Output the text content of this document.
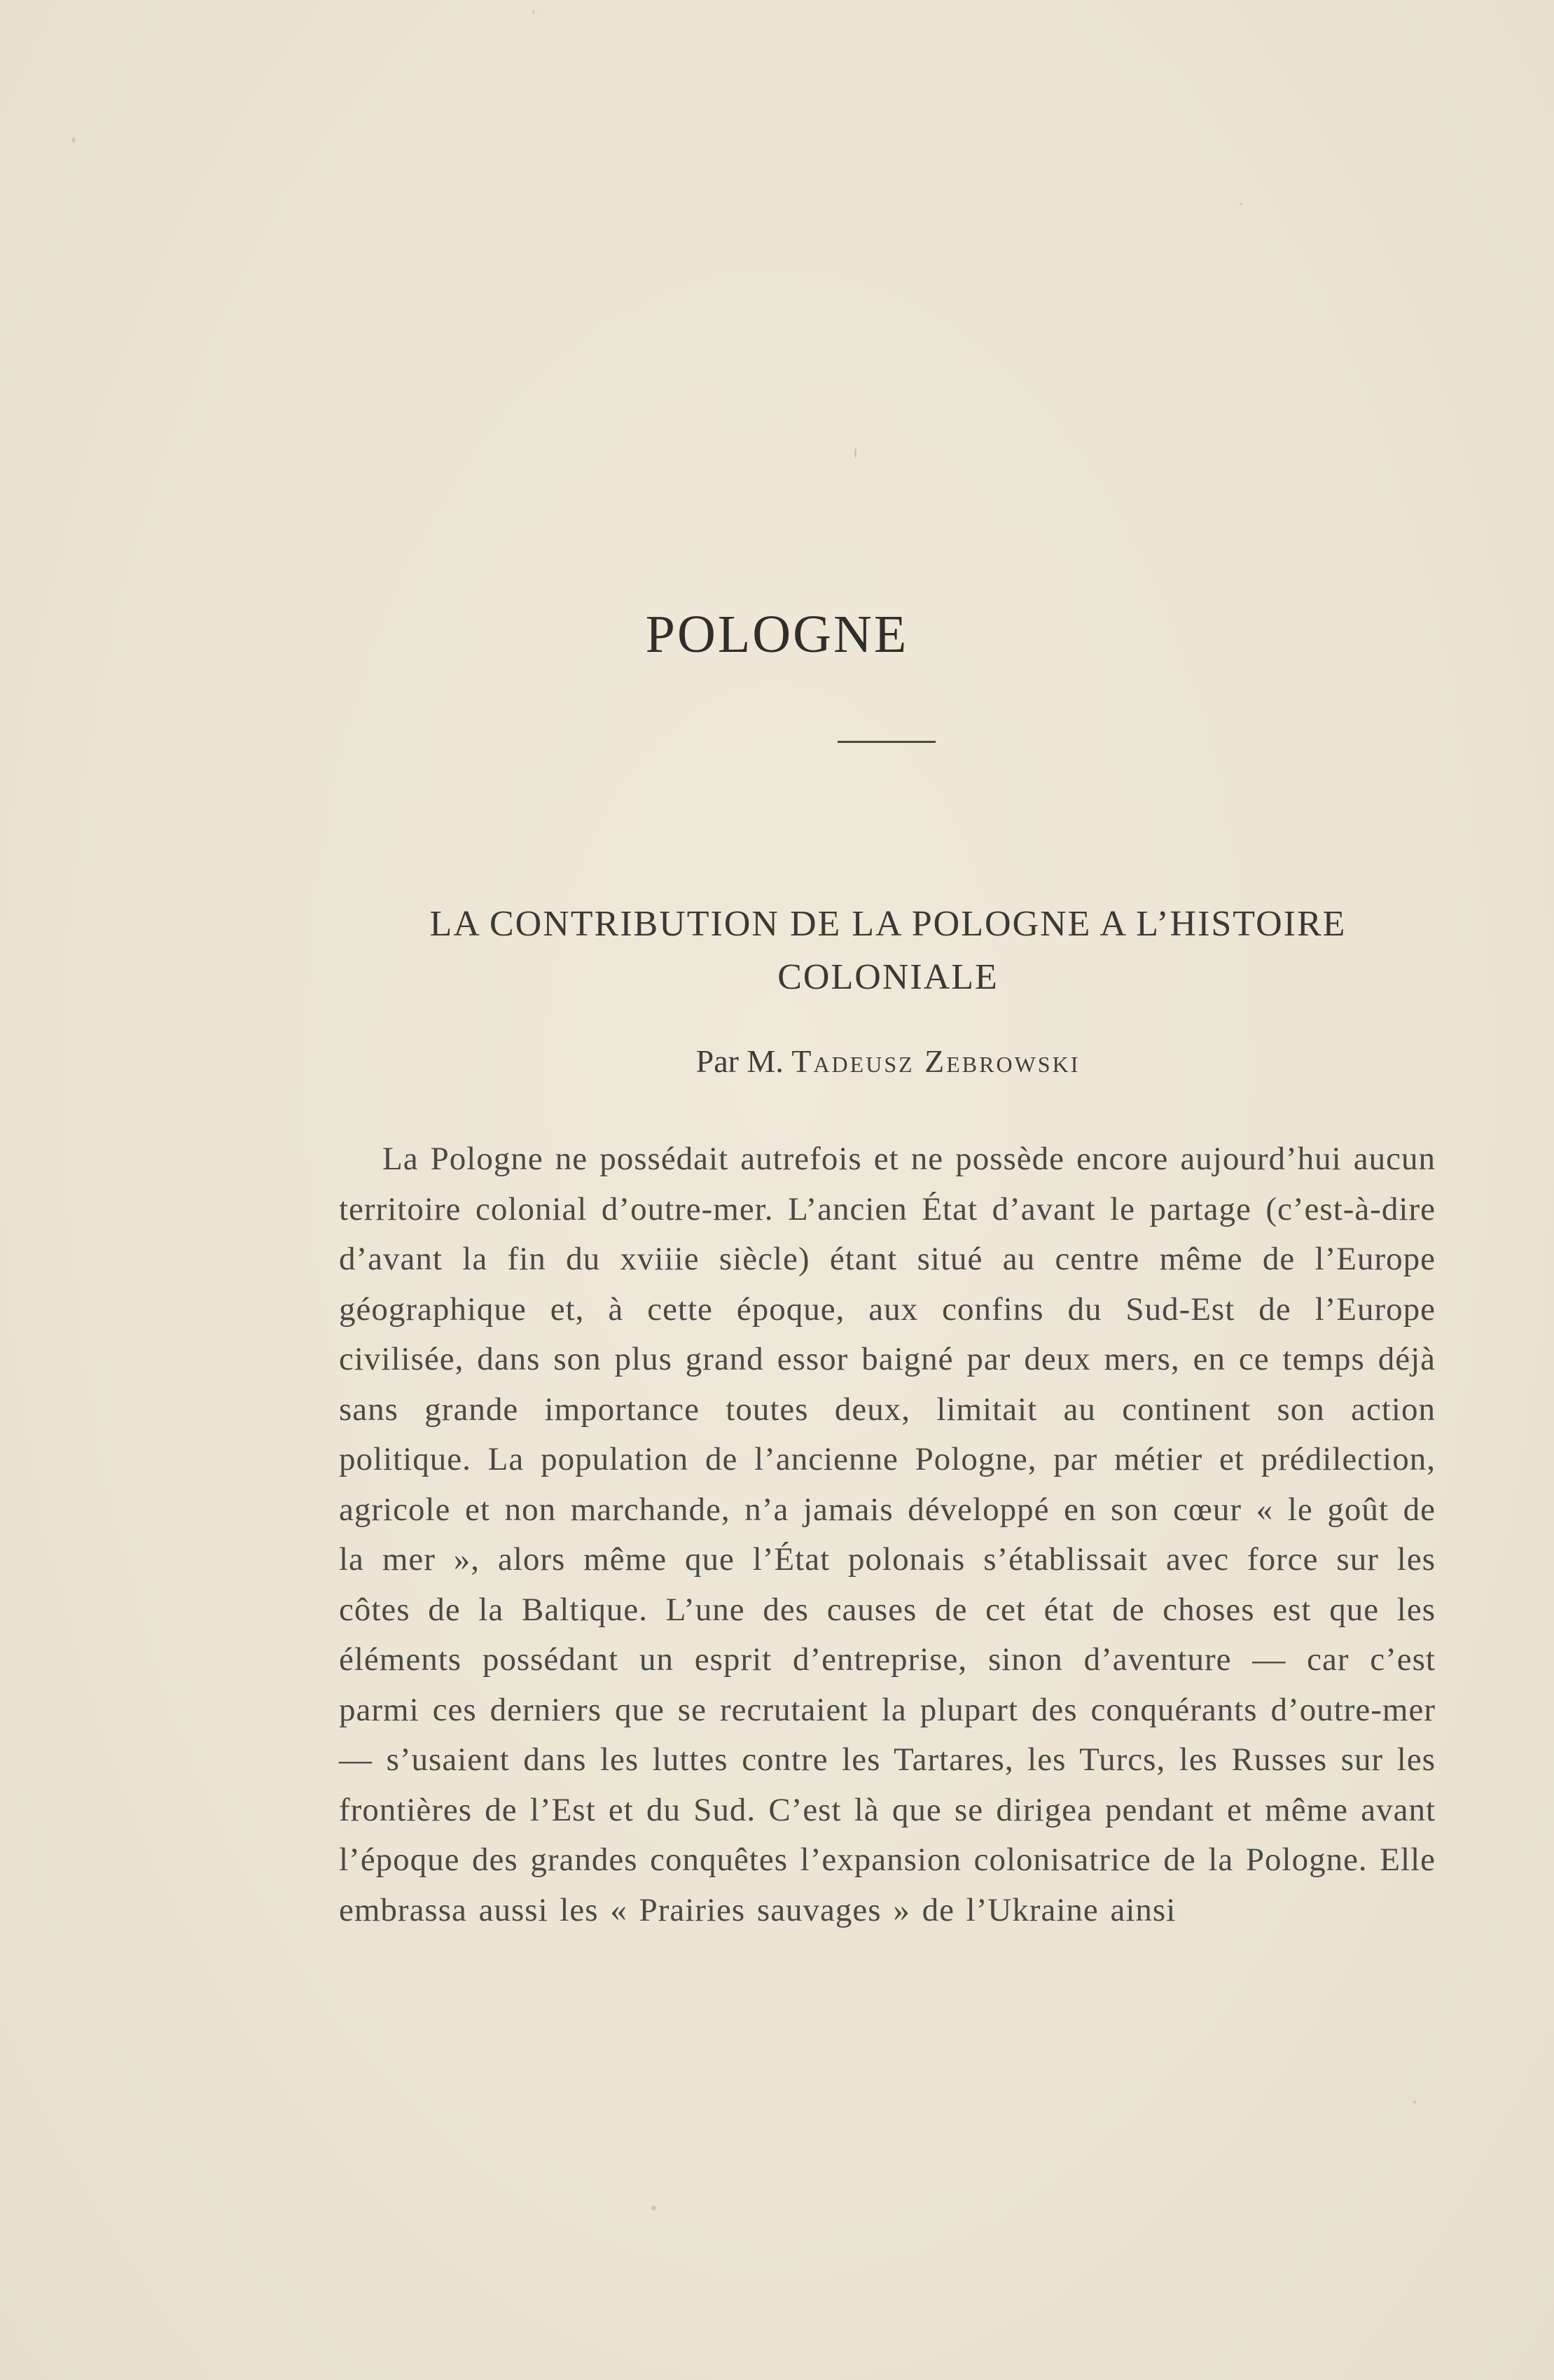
POLOGNE
LA CONTRIBUTION DE LA POLOGNE A L’HISTOIRE
COLONIALE
Par M. Tadeusz Zebrowski

La Pologne ne possédait autrefois et ne possède encore aujourd’hui aucun territoire colonial d’outre-mer. L’ancien État d’avant le partage (c’est-à-dire d’avant la fin du xviiie siècle) étant situé au centre même de l’Europe géographique et, à cette époque, aux confins du Sud-Est de l’Europe civilisée, dans son plus grand essor baigné par deux mers, en ce temps déjà sans grande importance toutes deux, limitait au continent son action politique. La population de l’ancienne Pologne, par métier et prédilection, agricole et non marchande, n’a jamais développé en son cœur « le goût de la mer », alors même que l’État polonais s’établissait avec force sur les côtes de la Baltique. L’une des causes de cet état de choses est que les éléments possédant un esprit d’entreprise, sinon d’aventure — car c’est parmi ces derniers que se recrutaient la plupart des conquérants d’outre-mer — s’usaient dans les luttes contre les Tartares, les Turcs, les Russes sur les frontières de l’Est et du Sud. C’est là que se dirigea pendant et même avant l’époque des grandes conquêtes l’expansion colonisatrice de la Pologne. Elle embrassa aussi les « Prairies sauvages » de l’Ukraine ainsi
